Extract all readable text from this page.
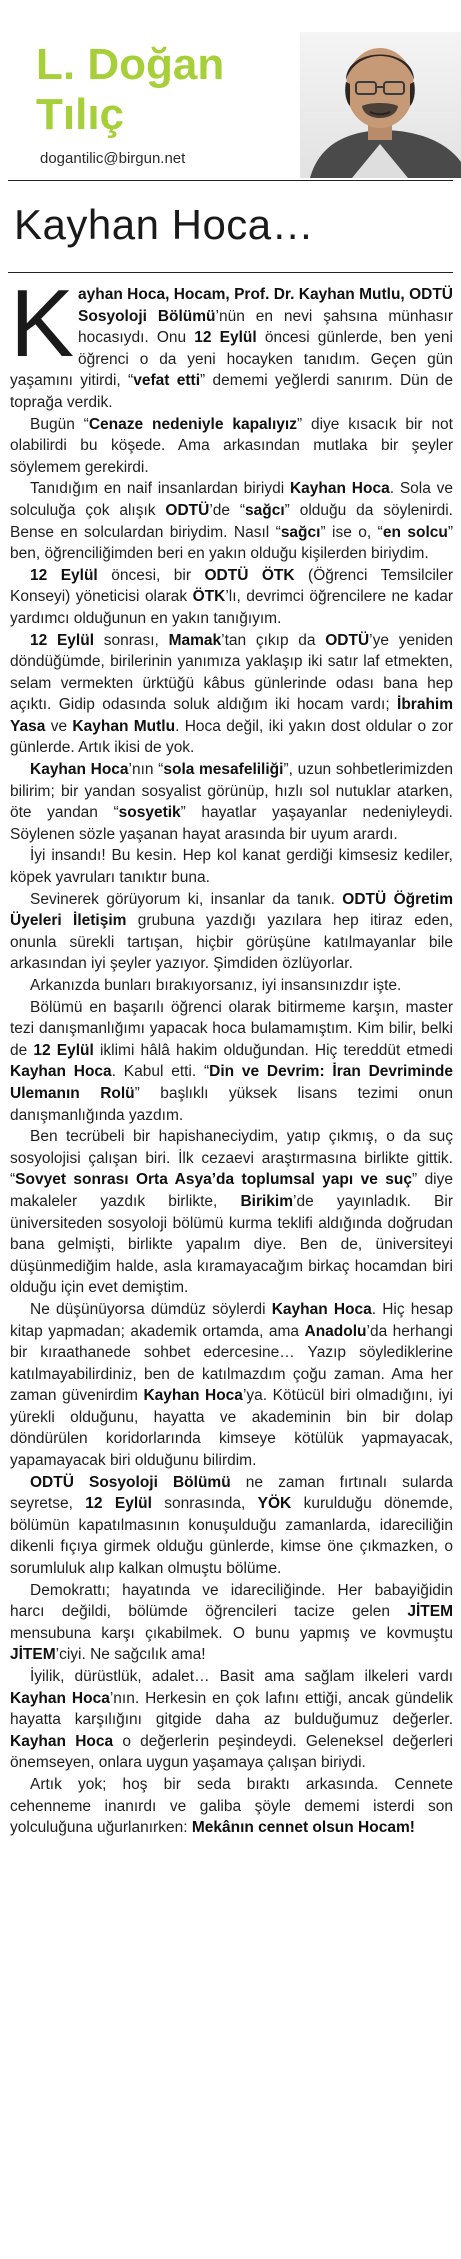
L. Doğan
Tılıç
dogantilic@birgun.net
Kayhan Hoca…

Kayhan Hoca, Hocam, Prof. Dr. Kayhan Mutlu, ODTÜ Sosyoloji Bölümü’nün en nevi şahsına münhasır hocasıydı. Onu 12 Eylül öncesi günlerde, ben yeni öğrenci o da yeni hocayken tanıdım. Geçen gün yaşamını yitirdi, “vefat etti” dememi yeğlerdi sanırım. Dün de toprağa verdik.

Bugün “Cenaze nedeniyle kapalıyız” diye kısacık bir not olabilirdi bu köşede. Ama arkasından mutlaka bir şeyler söylemem gerekirdi.

Tanıdığım en naif insanlardan biriydi Kayhan Hoca. Sola ve solculuğa çok alışık ODTÜ’de “sağcı” olduğu da söylenirdi. Bense en solculardan biriydim. Nasıl “sağcı” ise o, “en solcu” ben, öğrenciliğimden beri en yakın olduğu kişilerden biriydim.

12 Eylül öncesi, bir ODTÜ ÖTK (Öğrenci Temsilciler Konseyi) yöneticisi olarak ÖTK’lı, devrimci öğrencilere ne kadar yardımcı olduğunun en yakın tanığıyım.

12 Eylül sonrası, Mamak’tan çıkıp da ODTÜ’ye yeniden döndüğümde, birilerinin yanımıza yaklaşıp iki satır laf etmekten, selam vermekten ürktüğü kâbus günlerinde odası bana hep açıktı. Gidip odasında soluk aldığım iki hocam vardı; İbrahim Yasa ve Kayhan Mutlu. Hoca değil, iki yakın dost oldular o zor günlerde. Artık ikisi de yok.

Kayhan Hoca’nın “sola mesafeliliği”, uzun sohbetlerimizden bilirim; bir yandan sosyalist görünüp, hızlı sol nutuklar atarken, öte yandan “sosyetik” hayatlar yaşayanlar nedeniyleydi. Söylenen sözle yaşanan hayat arasında bir uyum arardı.

İyi insandı! Bu kesin. Hep kol kanat gerdiği kimsesiz kediler, köpek yavruları tanıktır buna.

Sevinerek görüyorum ki, insanlar da tanık. ODTÜ Öğretim Üyeleri İletişim grubuna yazdığı yazılara hep itiraz eden, onunla sürekli tartışan, hiçbir görüşüne katılmayanlar bile arkasından iyi şeyler yazıyor. Şimdiden özlüyorlar.

Arkanızda bunları bırakıyorsanız, iyi insansınızdır işte.

Bölümü en başarılı öğrenci olarak bitirmeme karşın, master tezi danışmanlığımı yapacak hoca bulamamıştım. Kim bilir, belki de 12 Eylül iklimi hâlâ hakim olduğundan. Hiç tereddüt etmedi Kayhan Hoca. Kabul etti. “Din ve Devrim: İran Devriminde Ulemanın Rolü” başlıklı yüksek lisans tezimi onun danışmanlığında yazdım.

Ben tecrübeli bir hapishaneciydim, yatıp çıkmış, o da suç sosyolojisi çalışan biri. İlk cezaevi araştırmasına birlikte gittik. “Sovyet sonrası Orta Asya’da toplumsal yapı ve suç” diye makaleler yazdık birlikte, Birikim’de yayınladık. Bir üniversiteden sosyoloji bölümü kurma teklifi aldığında doğrudan bana gelmişti, birlikte yapalım diye. Ben de, üniversiteyi düşünmediğim halde, asla kıramayacağım birkaç hocamdan biri olduğu için evet demiştim.

Ne düşünüyorsa dümdüz söylerdi Kayhan Hoca. Hiç hesap kitap yapmadan; akademik ortamda, ama Anadolu’da herhangi bir kıraathanede sohbet edercesine… Yazıp söylediklerine katılmayabilirdiniz, ben de katılmazdım çoğu zaman. Ama her zaman güvenirdim Kayhan Hoca’ya. Kötücül biri olmadığını, iyi yürekli olduğunu, hayatta ve akademinin bin bir dolap döndürülen koridorlarında kimseye kötülük yapmayacak, yapamayacak biri olduğunu bilirdim.

ODTÜ Sosyoloji Bölümü ne zaman fırtınalı sularda seyretse, 12 Eylül sonrasında, YÖK kurulduğu dönemde, bölümün kapatılmasının konuşulduğu zamanlarda, idareciliğin dikenli fıçıya girmek olduğu günlerde, kimse öne çıkmazken, o sorumluluk alıp kalkan olmuştu bölüme.

Demokrattı; hayatında ve idareciliğinde. Her babayiğidin harcı değildi, bölümde öğrencileri tacize gelen JİTEM mensubuna karşı çıkabilmek. O bunu yapmış ve kovmuştu JİTEM’ciyi. Ne sağcılık ama!

İyilik, dürüstlük, adalet… Basit ama sağlam ilkeleri vardı Kayhan Hoca’nın. Herkesin en çok lafını ettiği, ancak gündelik hayatta karşılığını gitgide daha az bulduğumuz değerler. Kayhan Hoca o değerlerin peşindeydi. Geleneksel değerleri önemseyen, onlara uygun yaşamaya çalışan biriydi.

Artık yok; hoş bir seda bıraktı arkasında. Cennete cehenneme inanırdı ve galiba şöyle dememi isterdi son yolculuğuna uğurlanırken: Mekânın cennet olsun Hocam!
